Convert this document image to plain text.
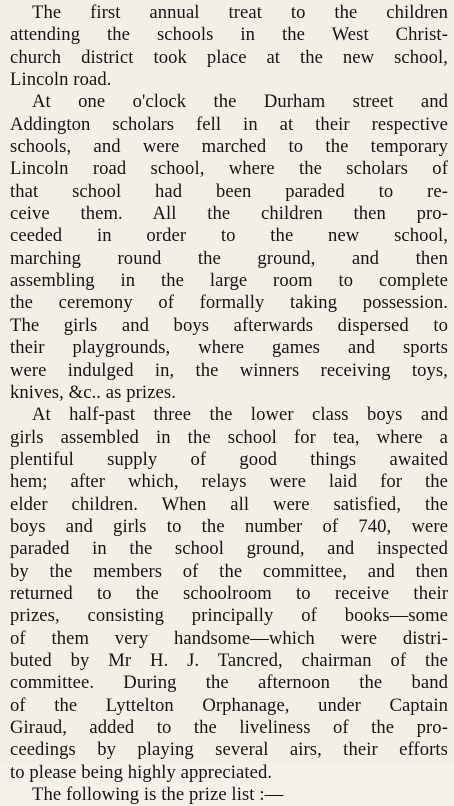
The first annual treat to the children
attending the schools in the West Christ-
church district took place at the new school,
Lincoln road.
At one o'clock the Durham street and
Addington scholars fell in at their respective
schools, and were marched to the temporary
Lincoln road school, where the scholars of
that school had been paraded to re-
ceive them. All the children then pro-
ceeded in order to the new school,
marching round the ground, and then
assembling in the large room to complete
the ceremony of formally taking possession.
The girls and boys afterwards dispersed to
their playgrounds, where games and sports
were indulged in, the winners receiving toys,
knives, &c.. as prizes.
At half-past three the lower class boys and
girls assembled in the school for tea, where a
plentiful supply of good things awaited
hem; after which, relays were laid for the
elder children. When all were satisfied, the
boys and girls to the number of 740, were
paraded in the school ground, and inspected
by the members of the committee, and then
returned to the schoolroom to receive their
prizes, consisting principally of books—some
of them very handsome—which were distri-
buted by Mr H. J. Tancred, chairman of the
committee. During the afternoon the band
of the Lyttelton Orphanage, under Captain
Giraud, added to the liveliness of the pro-
ceedings by playing several airs, their efforts
to please being highly appreciated.
The following is the prize list :—
